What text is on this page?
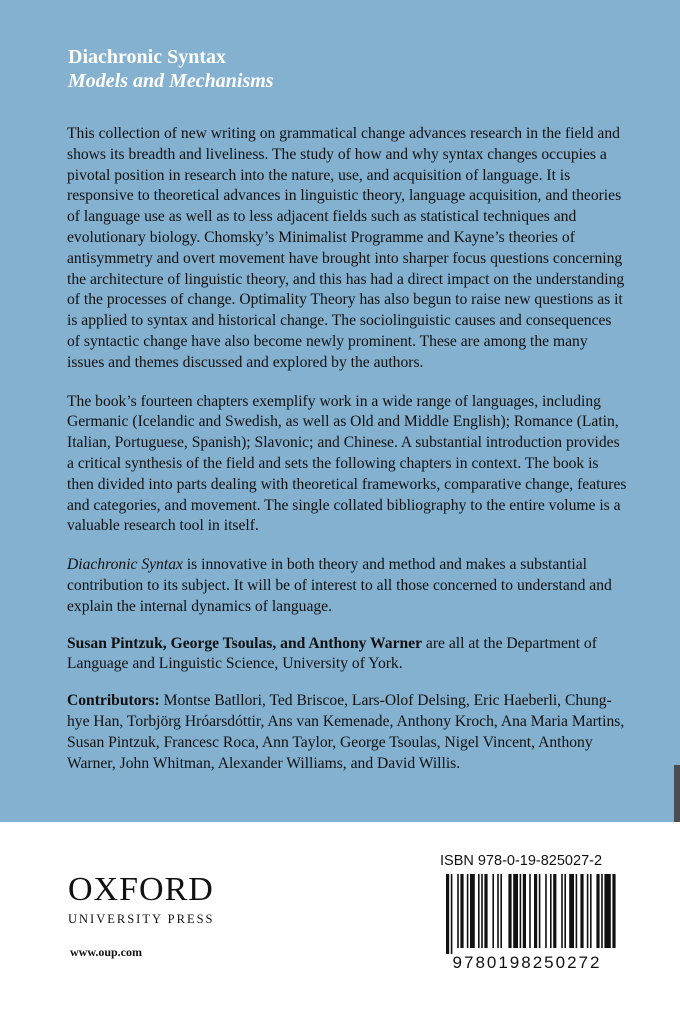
Diachronic Syntax
Models and Mechanisms

This collection of new writing on grammatical change advances research in the field and shows its breadth and liveliness. The study of how and why syntax changes occupies a pivotal position in research into the nature, use, and acquisition of language. It is responsive to theoretical advances in linguistic theory, language acquisition, and theories of language use as well as to less adjacent fields such as statistical techniques and evolutionary biology. Chomsky’s Minimalist Programme and Kayne’s theories of antisymmetry and overt movement have brought into sharper focus questions concerning the architecture of linguistic theory, and this has had a direct impact on the understanding of the processes of change. Optimality Theory has also begun to raise new questions as it is applied to syntax and historical change. The sociolinguistic causes and consequences of syntactic change have also become newly prominent. These are among the many issues and themes discussed and explored by the authors.

The book’s fourteen chapters exemplify work in a wide range of languages, including Germanic (Icelandic and Swedish, as well as Old and Middle English); Romance (Latin, Italian, Portuguese, Spanish); Slavonic; and Chinese. A substantial introduction provides a critical synthesis of the field and sets the following chapters in context. The book is then divided into parts dealing with theoretical frameworks, comparative change, features and categories, and movement. The single collated bibliography to the entire volume is a valuable research tool in itself.

Diachronic Syntax is innovative in both theory and method and makes a substantial contribution to its subject. It will be of interest to all those concerned to understand and explain the internal dynamics of language.

Susan Pintzuk, George Tsoulas, and Anthony Warner are all at the Department of Language and Linguistic Science, University of York.

Contributors: Montse Batllori, Ted Briscoe, Lars-Olof Delsing, Eric Haeberli, Chung-hye Han, Torbjörg Hróarsdóttir, Ans van Kemenade, Anthony Kroch, Ana Maria Martins, Susan Pintzuk, Francesc Roca, Ann Taylor, George Tsoulas, Nigel Vincent, Anthony Warner, John Whitman, Alexander Williams, and David Willis.

OXFORD
UNIVERSITY PRESS
www.oup.com
ISBN 978-0-19-825027-2
9780198250272
